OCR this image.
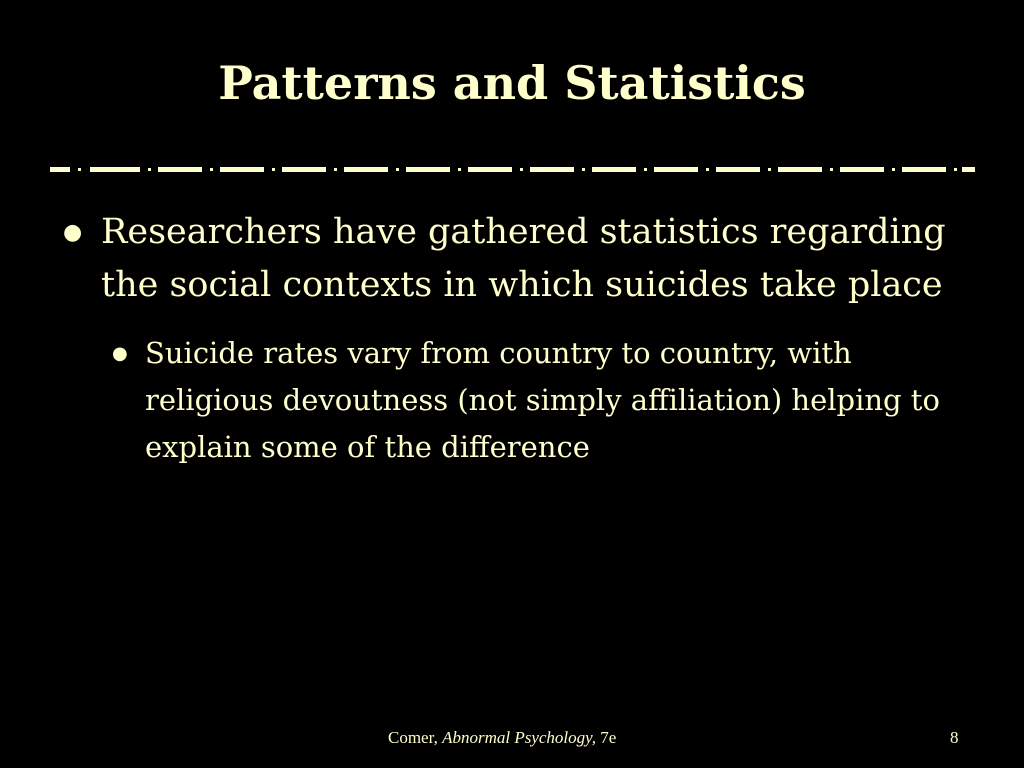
Patterns and Statistics
● Researchers have gathered statistics regarding the social contexts in which suicides take place
● Suicide rates vary from country to country, with religious devoutness (not simply affiliation) helping to explain some of the difference
Comer, Abnormal Psychology, 7e	8
